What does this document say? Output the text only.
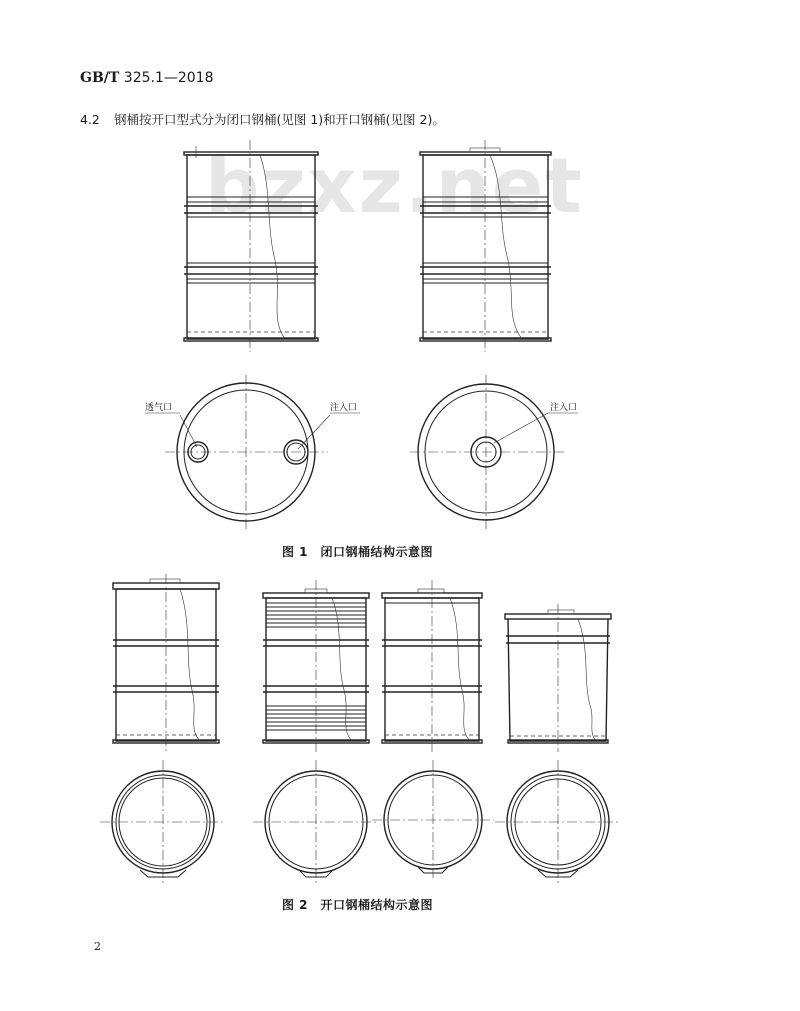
GB/T 325.1—2018
4.2 钢桶按开口型式分为闭口钢桶(见图 1)和开口钢桶(见图 2)。
bzxz.net
透气口	注入口	注入口
图 1　闭口钢桶结构示意图
图 2　开口钢桶结构示意图
2
